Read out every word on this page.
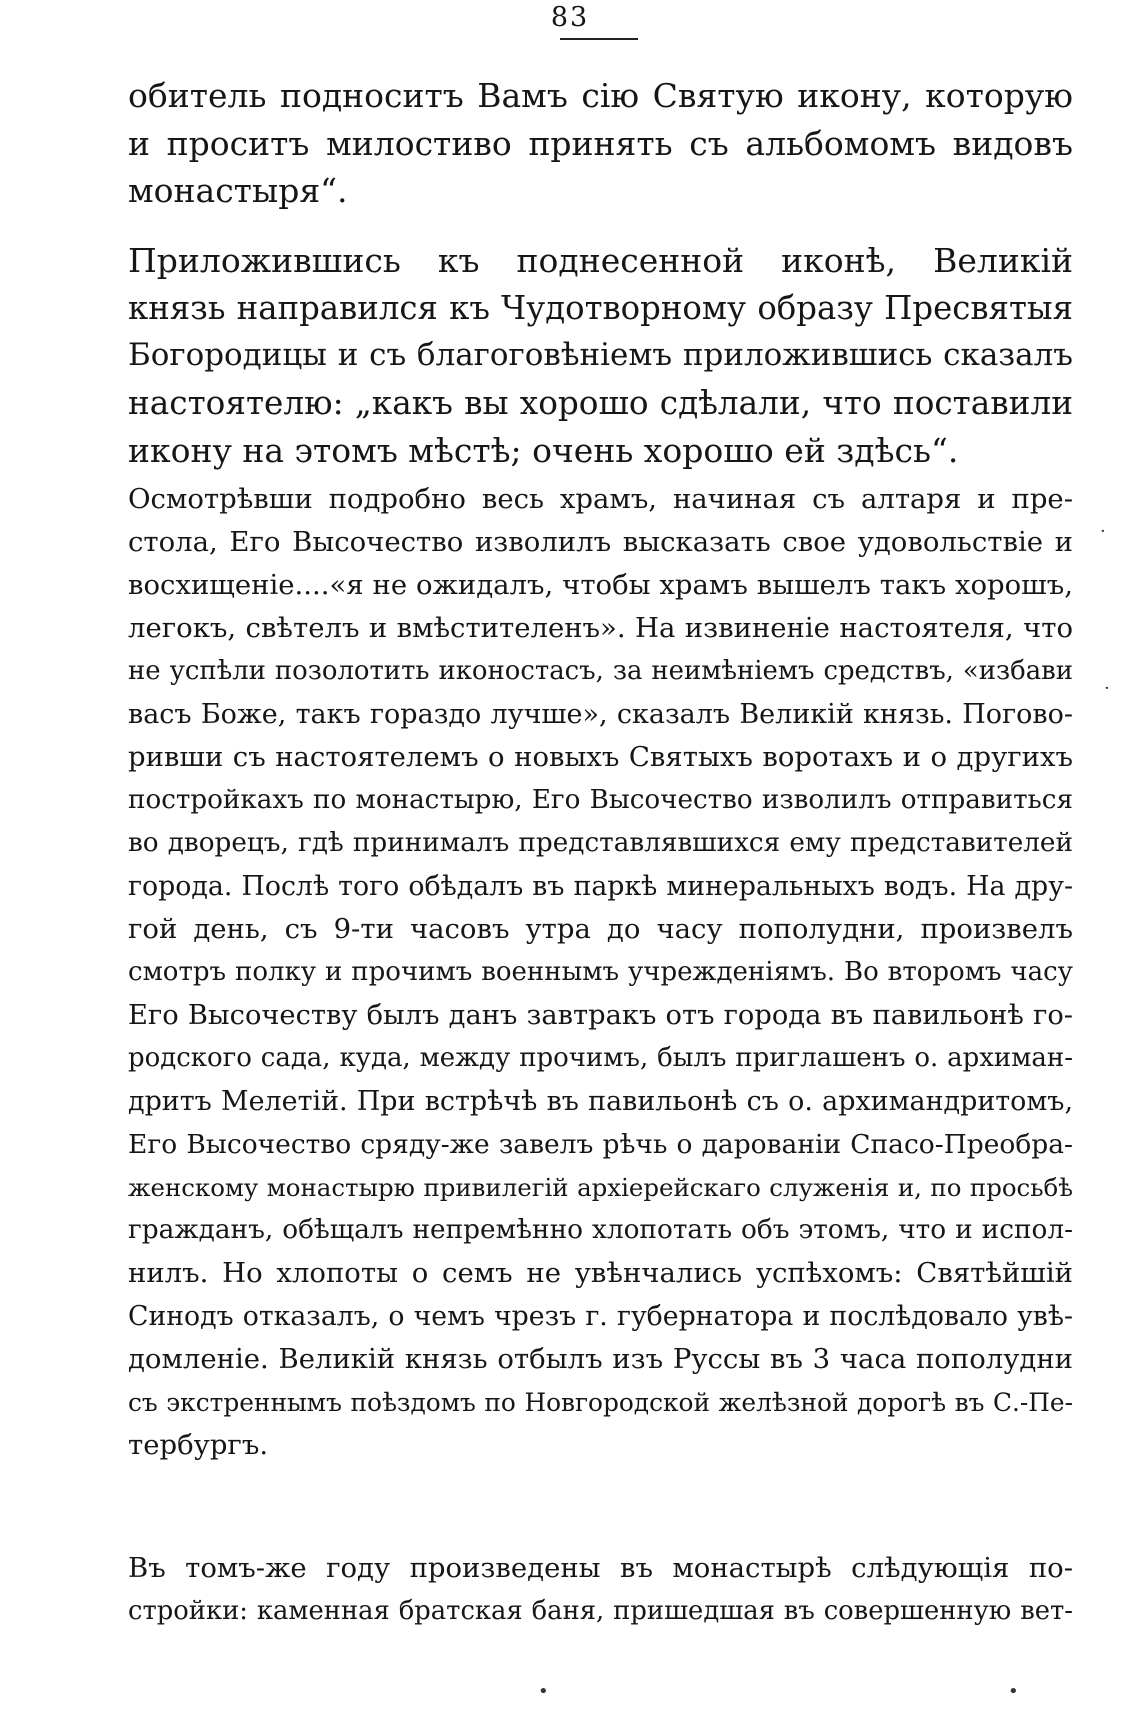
83
обитель подноситъ Вамъ сію Святую икону, которую
и проситъ милостиво принять съ альбомомъ видовъ
монастыря“.
Приложившись къ поднесенной иконѣ, Великій
князь направился къ Чудотворному образу Пресвятыя
Богородицы и съ благоговѣніемъ приложившись сказалъ
настоятелю: „какъ вы хорошо сдѣлали, что поставили
икону на этомъ мѣстѣ; очень хорошо ей здѣсь“.
Осмотрѣвши подробно весь храмъ, начиная съ алтаря и пре-
стола, Его Высочество изволилъ высказать свое удовольствіе и
восхищеніе....«я не ожидалъ, чтобы храмъ вышелъ такъ хорошъ,
легокъ, свѣтелъ и вмѣстителенъ». На извиненіе настоятеля, что
не успѣли позолотить иконостасъ, за неимѣніемъ средствъ, «избави
васъ Боже, такъ гораздо лучше», сказалъ Великій князь. Погово-
ривши съ настоятелемъ о новыхъ Святыхъ воротахъ и о другихъ
постройкахъ по монастырю, Его Высочество изволилъ отправиться
во дворецъ, гдѣ принималъ представлявшихся ему представителей
города. Послѣ того обѣдалъ въ паркѣ минеральныхъ водъ. На дру-
гой день, съ 9-ти часовъ утра до часу пополудни, произвелъ
смотръ полку и прочимъ военнымъ учрежденіямъ. Во второмъ часу
Его Высочеству былъ данъ завтракъ отъ города въ павильонѣ го-
родского сада, куда, между прочимъ, былъ приглашенъ о. архиман-
дритъ Мелетій. При встрѣчѣ въ павильонѣ съ о. архимандритомъ,
Его Высочество сряду-же завелъ рѣчь о дарованіи Спасо-Преобра-
женскому монастырю привилегій архіерейскаго служенія и, по просьбѣ
гражданъ, обѣщалъ непремѣнно хлопотать объ этомъ, что и испол-
нилъ. Но хлопоты о семъ не увѣнчались успѣхомъ: Святѣйшій
Синодъ отказалъ, о чемъ чрезъ г. губернатора и послѣдовало увѣ-
домленіе. Великій князь отбылъ изъ Руссы въ 3 часа пополудни
съ экстреннымъ поѣздомъ по Новгородской желѣзной дорогѣ въ С.-Пе-
тербургъ.
Въ томъ-же году произведены въ монастырѣ слѣдующія по-
стройки: каменная братская баня, пришедшая въ совершенную вет-
•	•
·
·
